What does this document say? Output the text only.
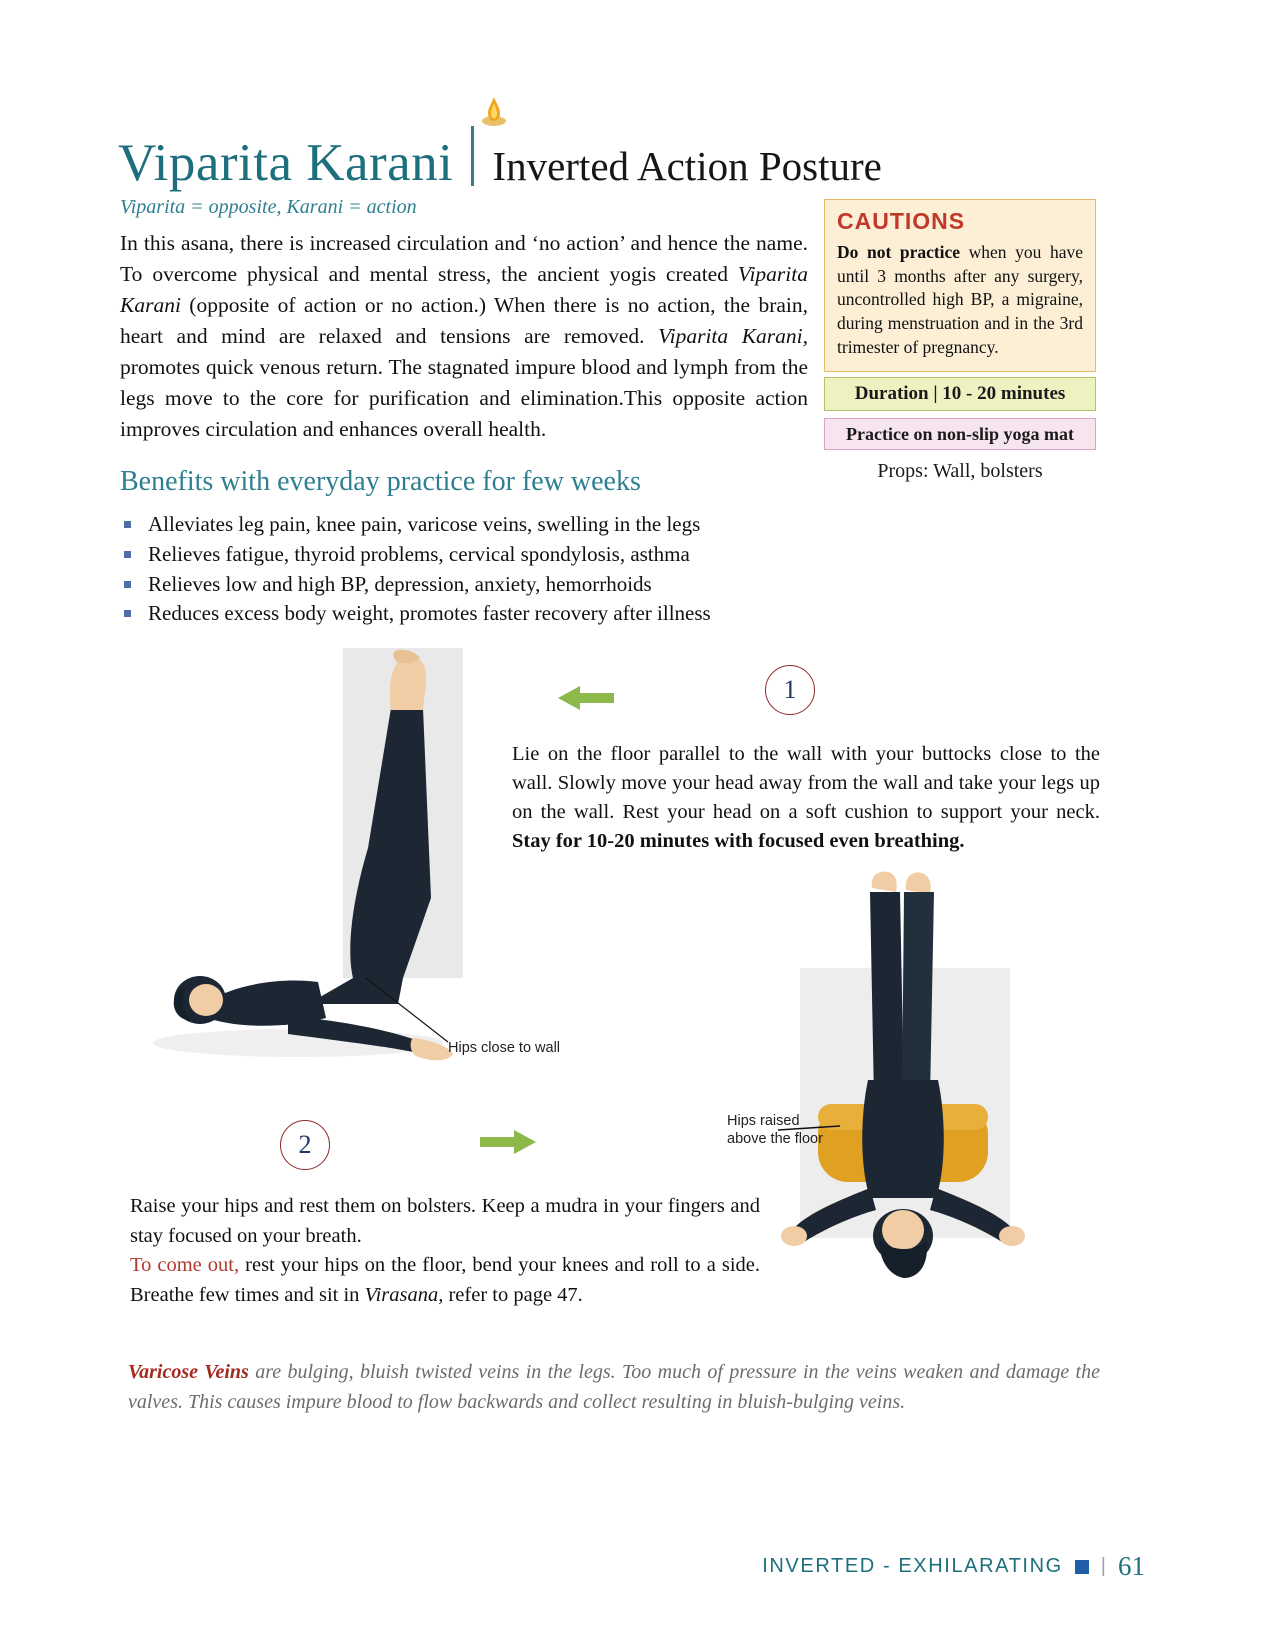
Viparita Karani Inverted Action Posture
Viparita = opposite, Karani = action
In this asana, there is increased circulation and ‘no action’ and hence the name. To overcome physical and mental stress, the ancient yogis created Viparita Karani (opposite of action or no action.) When there is no action, the brain, heart and mind are relaxed and tensions are removed. Viparita Karani, promotes quick venous return. The stagnated impure blood and lymph from the legs move to the core for purification and elimination.This opposite action improves circulation and enhances overall health.
CAUTIONS

Do not practice when you have until 3 months after any surgery, uncontrolled high BP, a migraine, during menstruation and in the 3rd trimester of pregnancy.

Duration | 10 - 20 minutes
Practice on non-slip yoga mat
Props: Wall, bolsters
Benefits with everyday practice for few weeks
Alleviates leg pain, knee pain, varicose veins, swelling in the legs
Relieves fatigue, thyroid problems, cervical spondylosis, asthma
Relieves low and high BP, depression, anxiety, hemorrhoids
Reduces excess body weight, promotes faster recovery after illness
Hips close to wall
1
Lie on the floor parallel to the wall with your buttocks close to the wall. Slowly move your head away from the wall and take your legs up on the wall. Rest your head on a soft cushion to support your neck. Stay for 10-20 minutes with focused even breathing.
Hips raised
above the floor
2
Raise your hips and rest them on bolsters. Keep a mudra in your fingers and stay focused on your breath.
To come out, rest your hips on the floor, bend your knees and roll to a side. Breathe few times and sit in Virasana, refer to page 47.
Varicose Veins are bulging, bluish twisted veins in the legs. Too much of pressure in the veins weaken and damage the valves. This causes impure blood to flow backwards and collect resulting in bluish-bulging veins.
INVERTED - EXHILARATING | 61
